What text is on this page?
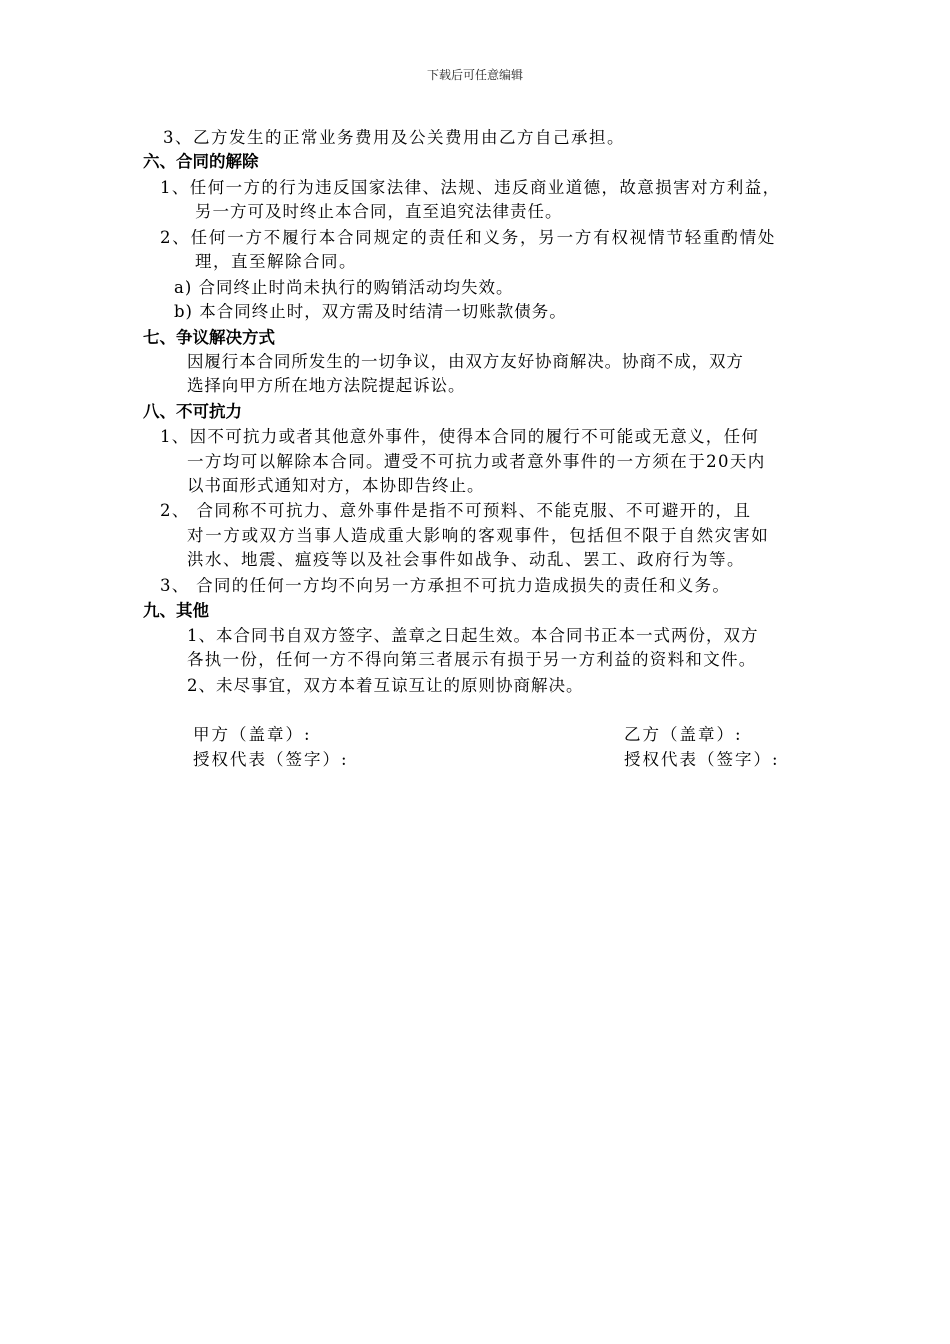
下载后可任意编辑
3、乙方发生的正常业务费用及公关费用由乙方自己承担。
六、合同的解除
1、任何一方的行为违反国家法律、法规、违反商业道德，故意损害对方利益，
另一方可及时终止本合同，直至追究法律责任。
2、任何一方不履行本合同规定的责任和义务，另一方有权视情节轻重酌情处
理，直至解除合同。
a) 合同终止时尚未执行的购销活动均失效。
b) 本合同终止时，双方需及时结清一切账款债务。
七、争议解决方式
因履行本合同所发生的一切争议，由双方友好协商解决。协商不成，双方
选择向甲方所在地方法院提起诉讼。
八、不可抗力
1、因不可抗力或者其他意外事件，使得本合同的履行不可能或无意义，任何
一方均可以解除本合同。遭受不可抗力或者意外事件的一方须在于20天内
以书面形式通知对方，本协即告终止。
2、 合同称不可抗力、意外事件是指不可预料、不能克服、不可避开的，且
对一方或双方当事人造成重大影响的客观事件，包括但不限于自然灾害如
洪水、地震、瘟疫等以及社会事件如战争、动乱、罢工、政府行为等。
3、 合同的任何一方均不向另一方承担不可抗力造成损失的责任和义务。
九、其他
1、本合同书自双方签字、盖章之日起生效。本合同书正本一式两份，双方
各执一份，任何一方不得向第三者展示有损于另一方利益的资料和文件。
2、未尽事宜，双方本着互谅互让的原则协商解决。
甲方（盖章）:
授权代表（签字）:
乙方（盖章）:
授权代表（签字）:
